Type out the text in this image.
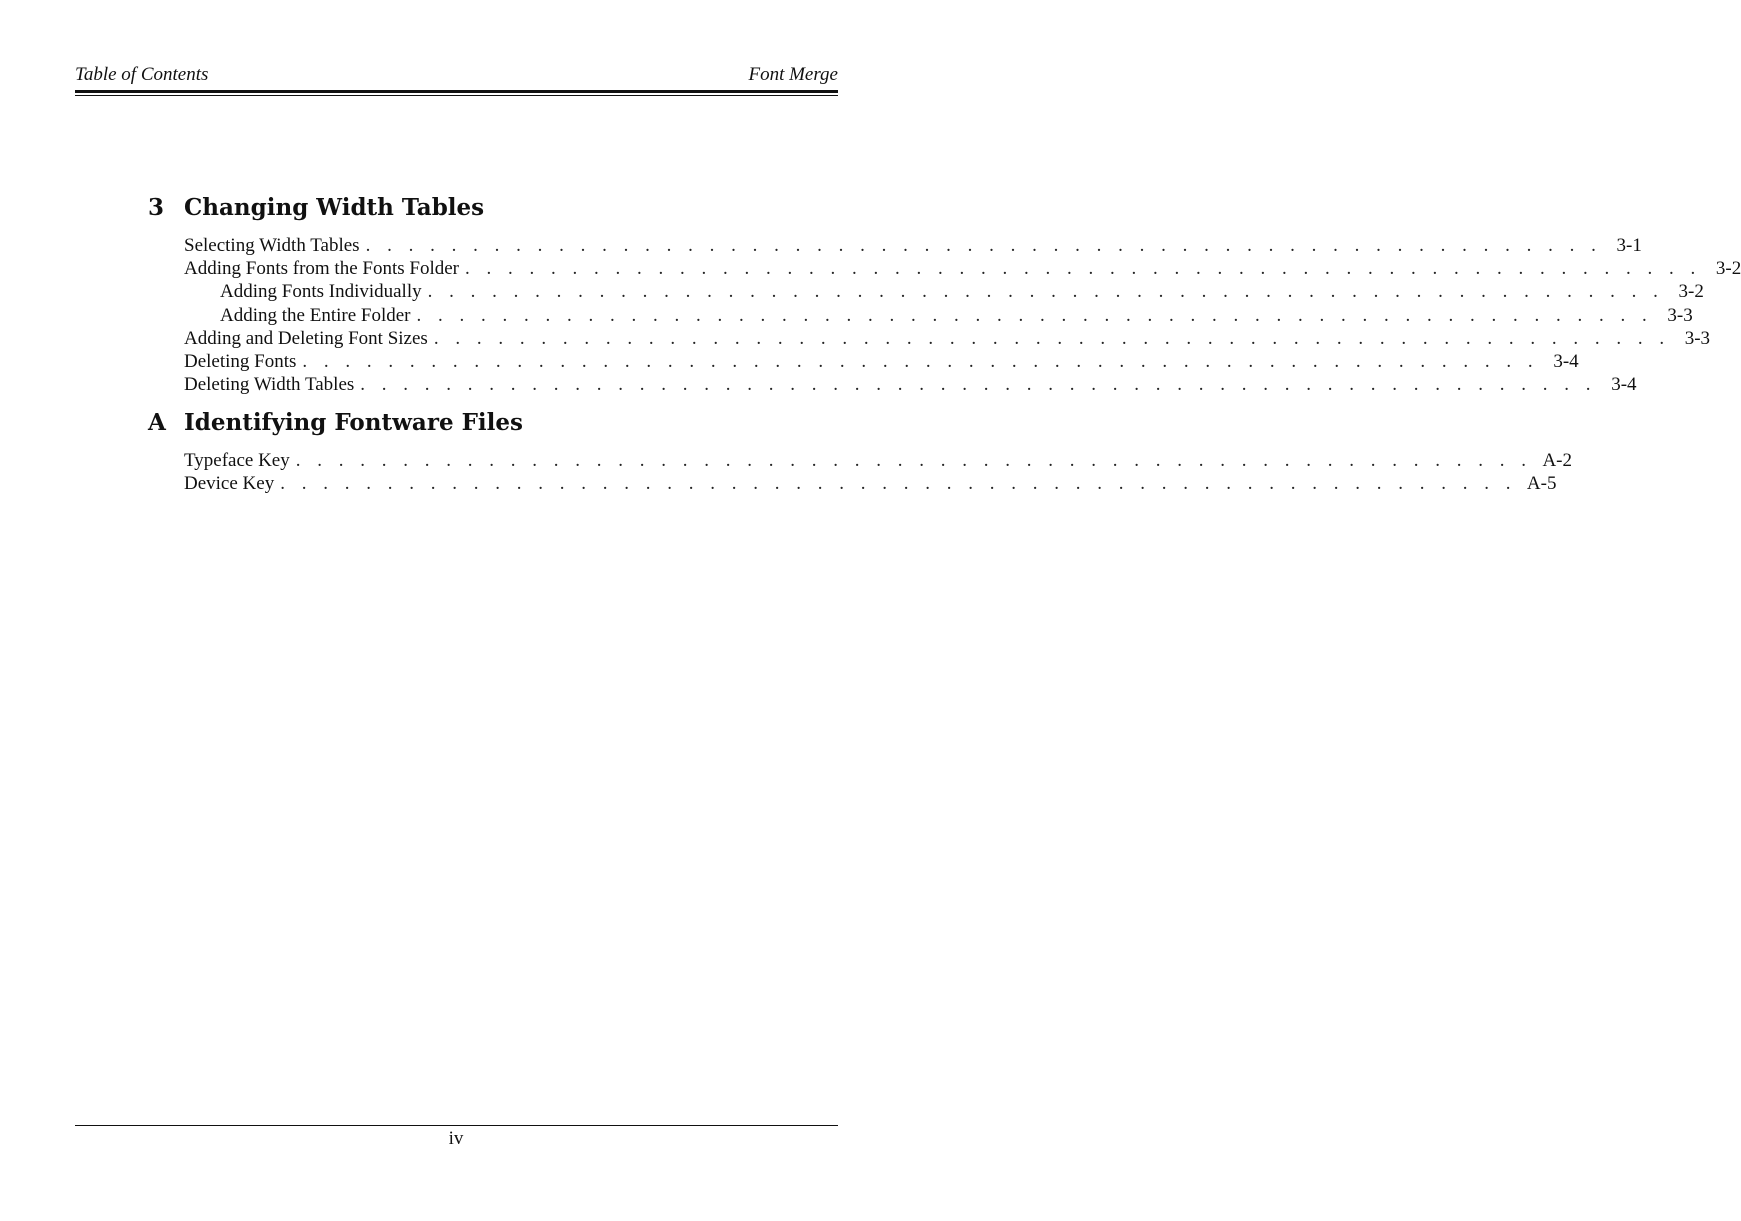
Table of Contents	Font Merge
3 Changing Width Tables
Selecting Width Tables . . . . . . . . . . . . . . . . . . . . . . . . . . . . . . . . . . . . . . . . . . . . . . . . . . . . . . . . . . 3-1
Adding Fonts from the Fonts Folder . . . . . . . . . . . . . . . . . . . . . . . . . . . . . . . . . . . . . . . . . . . . . . . . . . . . . . . . . . 3-2
Adding Fonts Individually . . . . . . . . . . . . . . . . . . . . . . . . . . . . . . . . . . . . . . . . . . . . . . . . . . . . . . . . . . 3-2
Adding the Entire Folder . . . . . . . . . . . . . . . . . . . . . . . . . . . . . . . . . . . . . . . . . . . . . . . . . . . . . . . . . . 3-3
Adding and Deleting Font Sizes . . . . . . . . . . . . . . . . . . . . . . . . . . . . . . . . . . . . . . . . . . . . . . . . . . . . . . . . . . 3-3
Deleting Fonts . . . . . . . . . . . . . . . . . . . . . . . . . . . . . . . . . . . . . . . . . . . . . . . . . . . . . . . . . . 3-4
Deleting Width Tables . . . . . . . . . . . . . . . . . . . . . . . . . . . . . . . . . . . . . . . . . . . . . . . . . . . . . . . . . . 3-4
A Identifying Fontware Files
Typeface Key . . . . . . . . . . . . . . . . . . . . . . . . . . . . . . . . . . . . . . . . . . . . . . . . . . . . . . . . . . A-2
Device Key . . . . . . . . . . . . . . . . . . . . . . . . . . . . . . . . . . . . . . . . . . . . . . . . . . . . . . . . . . A-5
iv
